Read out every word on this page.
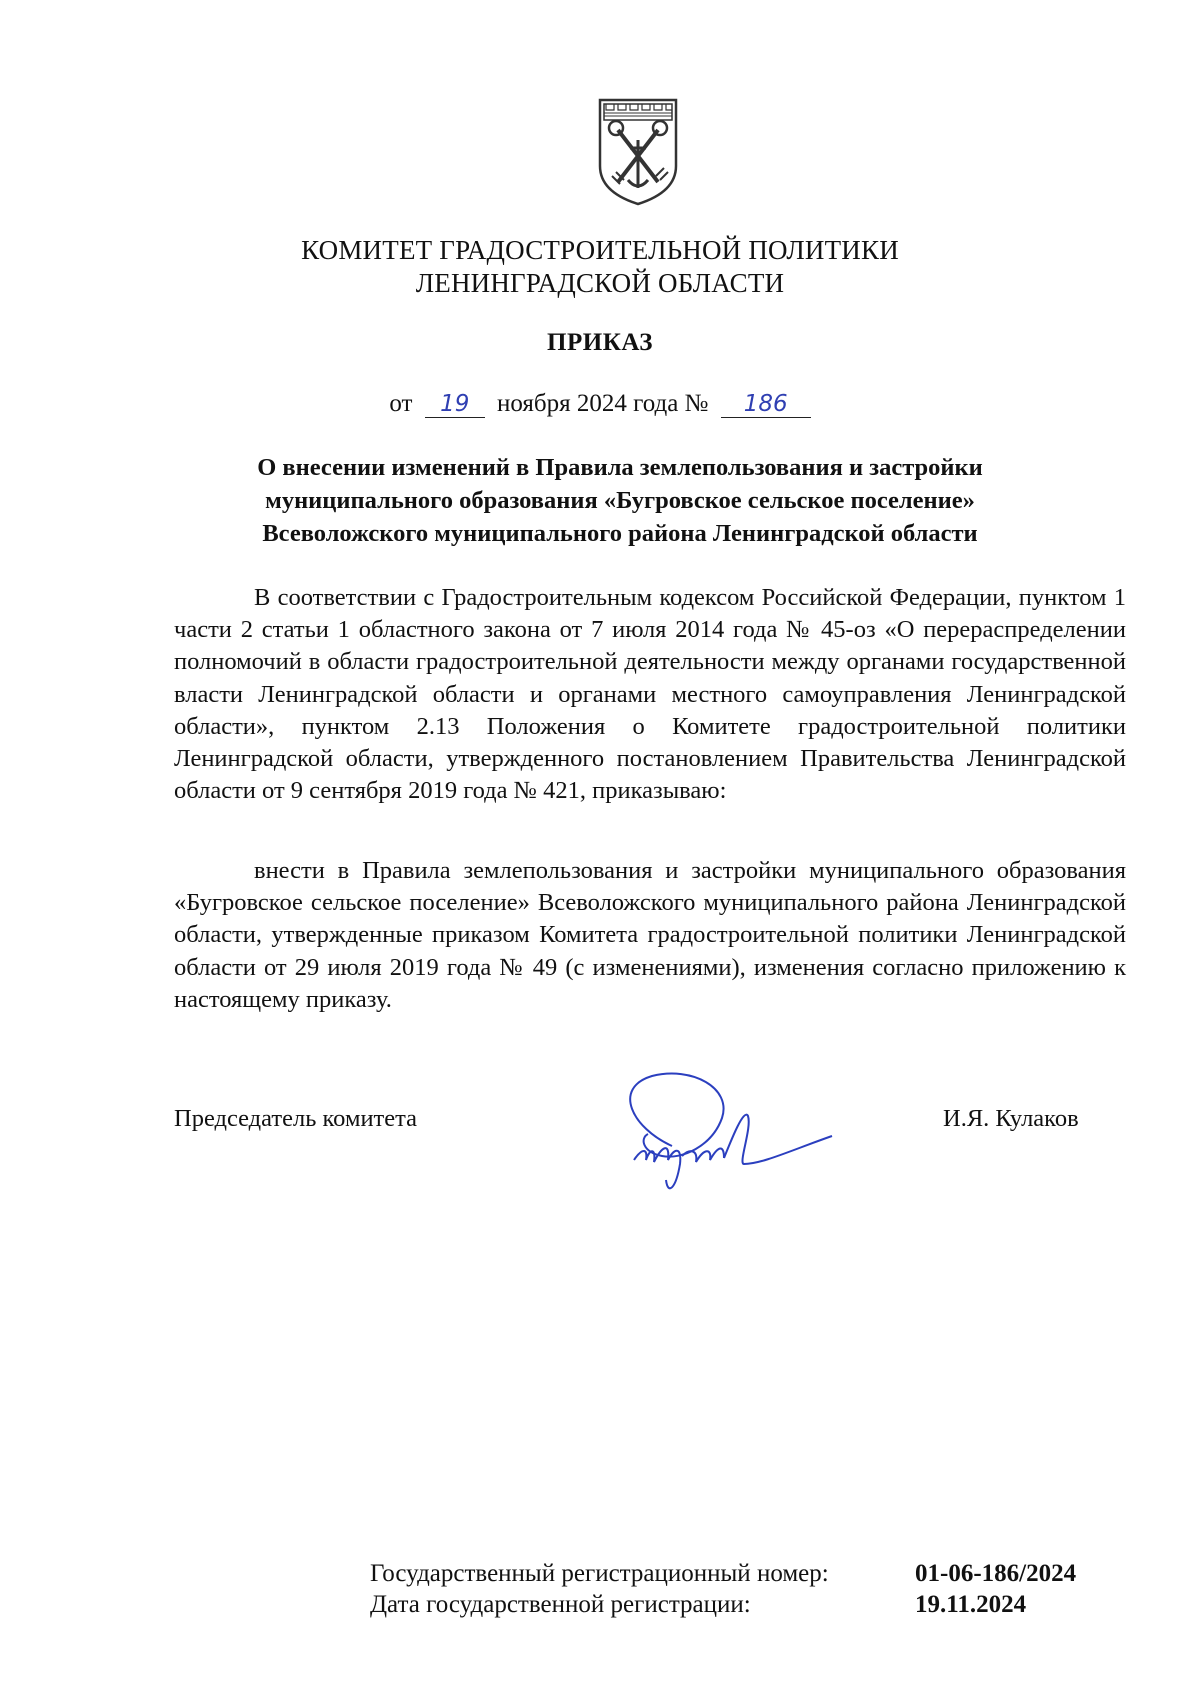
КОМИТЕТ ГРАДОСТРОИТЕЛЬНОЙ ПОЛИТИКИ
ЛЕНИНГРАДСКОЙ ОБЛАСТИ
ПРИКАЗ
от 19 ноября 2024 года № 186
О внесении изменений в Правила землепользования и застройки
муниципального образования «Бугровское сельское поселение»
Всеволожского муниципального района Ленинградской области
В соответствии с Градостроительным кодексом Российской Федерации, пунктом 1 части 2 статьи 1 областного закона от 7 июля 2014 года № 45-оз «О перераспределении полномочий в области градостроительной деятельности между органами государственной власти Ленинградской области и органами местного самоуправления Ленинградской области», пунктом 2.13 Положения о Комитете градостроительной политики Ленинградской области, утвержденного постановлением Правительства Ленинградской области от 9 сентября 2019 года № 421, приказываю:
внести в Правила землепользования и застройки муниципального образования «Бугровское сельское поселение» Всеволожского муниципального района Ленинградской области, утвержденные приказом Комитета градостроительной политики Ленинградской области от 29 июля 2019 года № 49 (с изменениями), изменения согласно приложению к настоящему приказу.
Председатель комитета	И.Я. Кулаков
Государственный регистрационный номер:	01-06-186/2024
Дата государственной регистрации:	19.11.2024
